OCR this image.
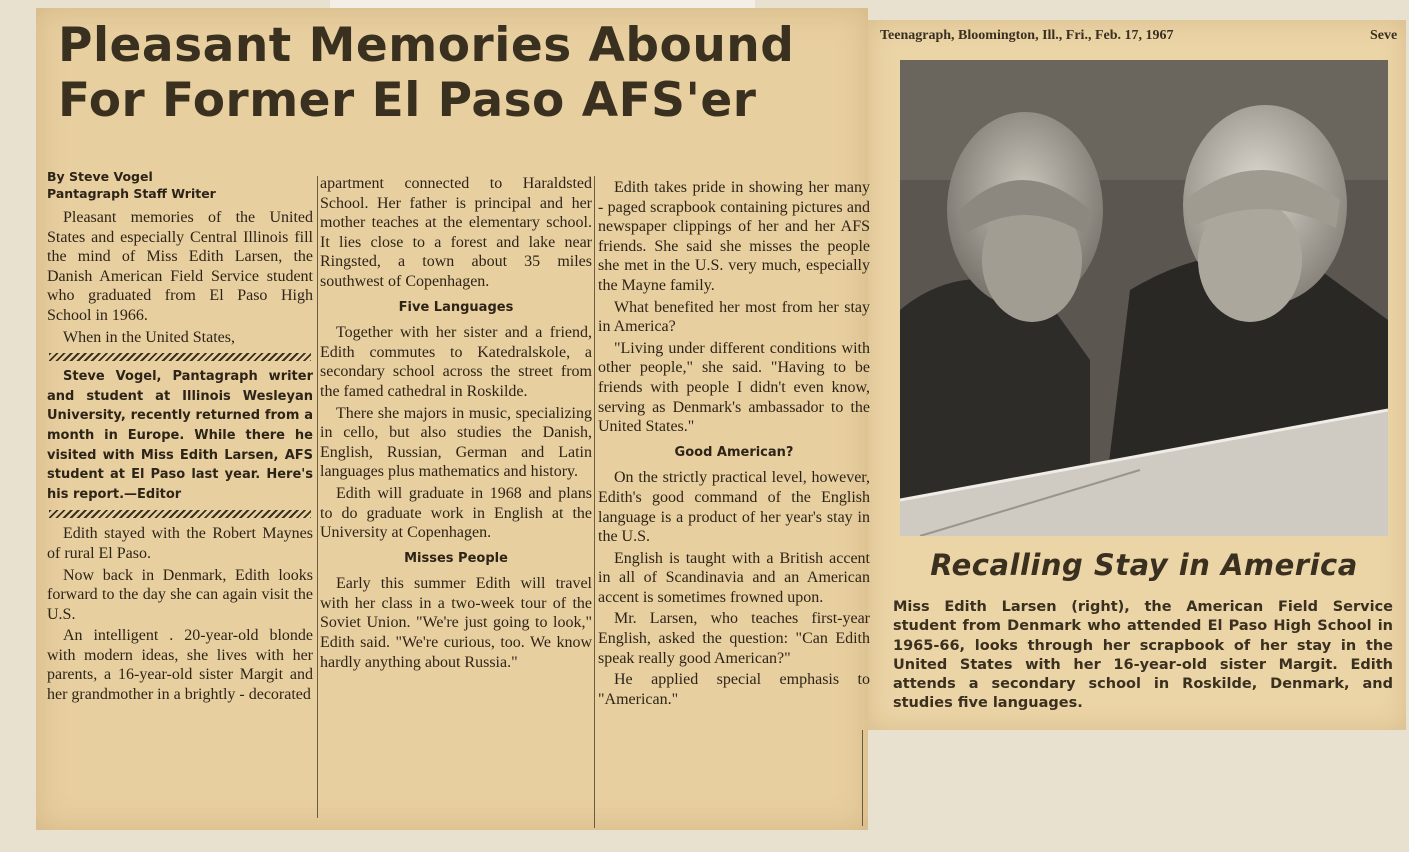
Pleasant Memories Abound For Former El Paso AFS'er
Teenagraph, Bloomington, Ill., Fri., Feb. 17, 1967	Seve
By Steve Vogel
Pantagraph Staff Writer

Pleasant memories of the United States and especially Central Illinois fill the mind of Miss Edith Larsen, the Danish American Field Service student who graduated from El Paso High School in 1966.

When in the United States,

Steve Vogel, Pantagraph writer and student at Illinois Wesleyan University, recently returned from a month in Europe. While there he visited with Miss Edith Larsen, AFS student at El Paso last year. Here's his report.—Editor

Edith stayed with the Robert Maynes of rural El Paso.

Now back in Denmark, Edith looks forward to the day she can again visit the U.S.

An intelligent . 20-year-old blonde with modern ideas, she lives with her parents, a 16-year-old sister Margit and her grandmother in a brightly - decorated

apartment connected to Haraldsted School. Her father is principal and her mother teaches at the elementary school. It lies close to a forest and lake near Ringsted, a town about 35 miles southwest of Copenhagen.

Five Languages

Together with her sister and a friend, Edith commutes to Katedralskole, a secondary school across the street from the famed cathedral in Roskilde.

There she majors in music, specializing in cello, but also studies the Danish, English, Russian, German and Latin languages plus mathematics and history.

Edith will graduate in 1968 and plans to do graduate work in English at the University at Copenhagen.

Misses People

Early this summer Edith will travel with her class in a two-week tour of the Soviet Union. "We're just going to look," Edith said. "We're curious, too. We know hardly anything about Russia."

Edith takes pride in showing her many - paged scrapbook containing pictures and newspaper clippings of her and her AFS friends. She said she misses the people she met in the U.S. very much, especially the Mayne family.

What benefited her most from her stay in America?

"Living under different conditions with other people," she said. "Having to be friends with people I didn't even know, serving as Denmark's ambassador to the United States."

Good American?

On the strictly practical level, however, Edith's good command of the English language is a product of her year's stay in the U.S.

English is taught with a British accent in all of Scandinavia and an American accent is sometimes frowned upon.

Mr. Larsen, who teaches first-year English, asked the question: "Can Edith speak really good American?"

He applied special emphasis to "American."

Recalling Stay in America

Miss Edith Larsen (right), the American Field Service student from Denmark who attended El Paso High School in 1965-66, looks through her scrapbook of her stay in the United States with her 16-year-old sister Margit. Edith attends a secondary school in Roskilde, Denmark, and studies five languages.
